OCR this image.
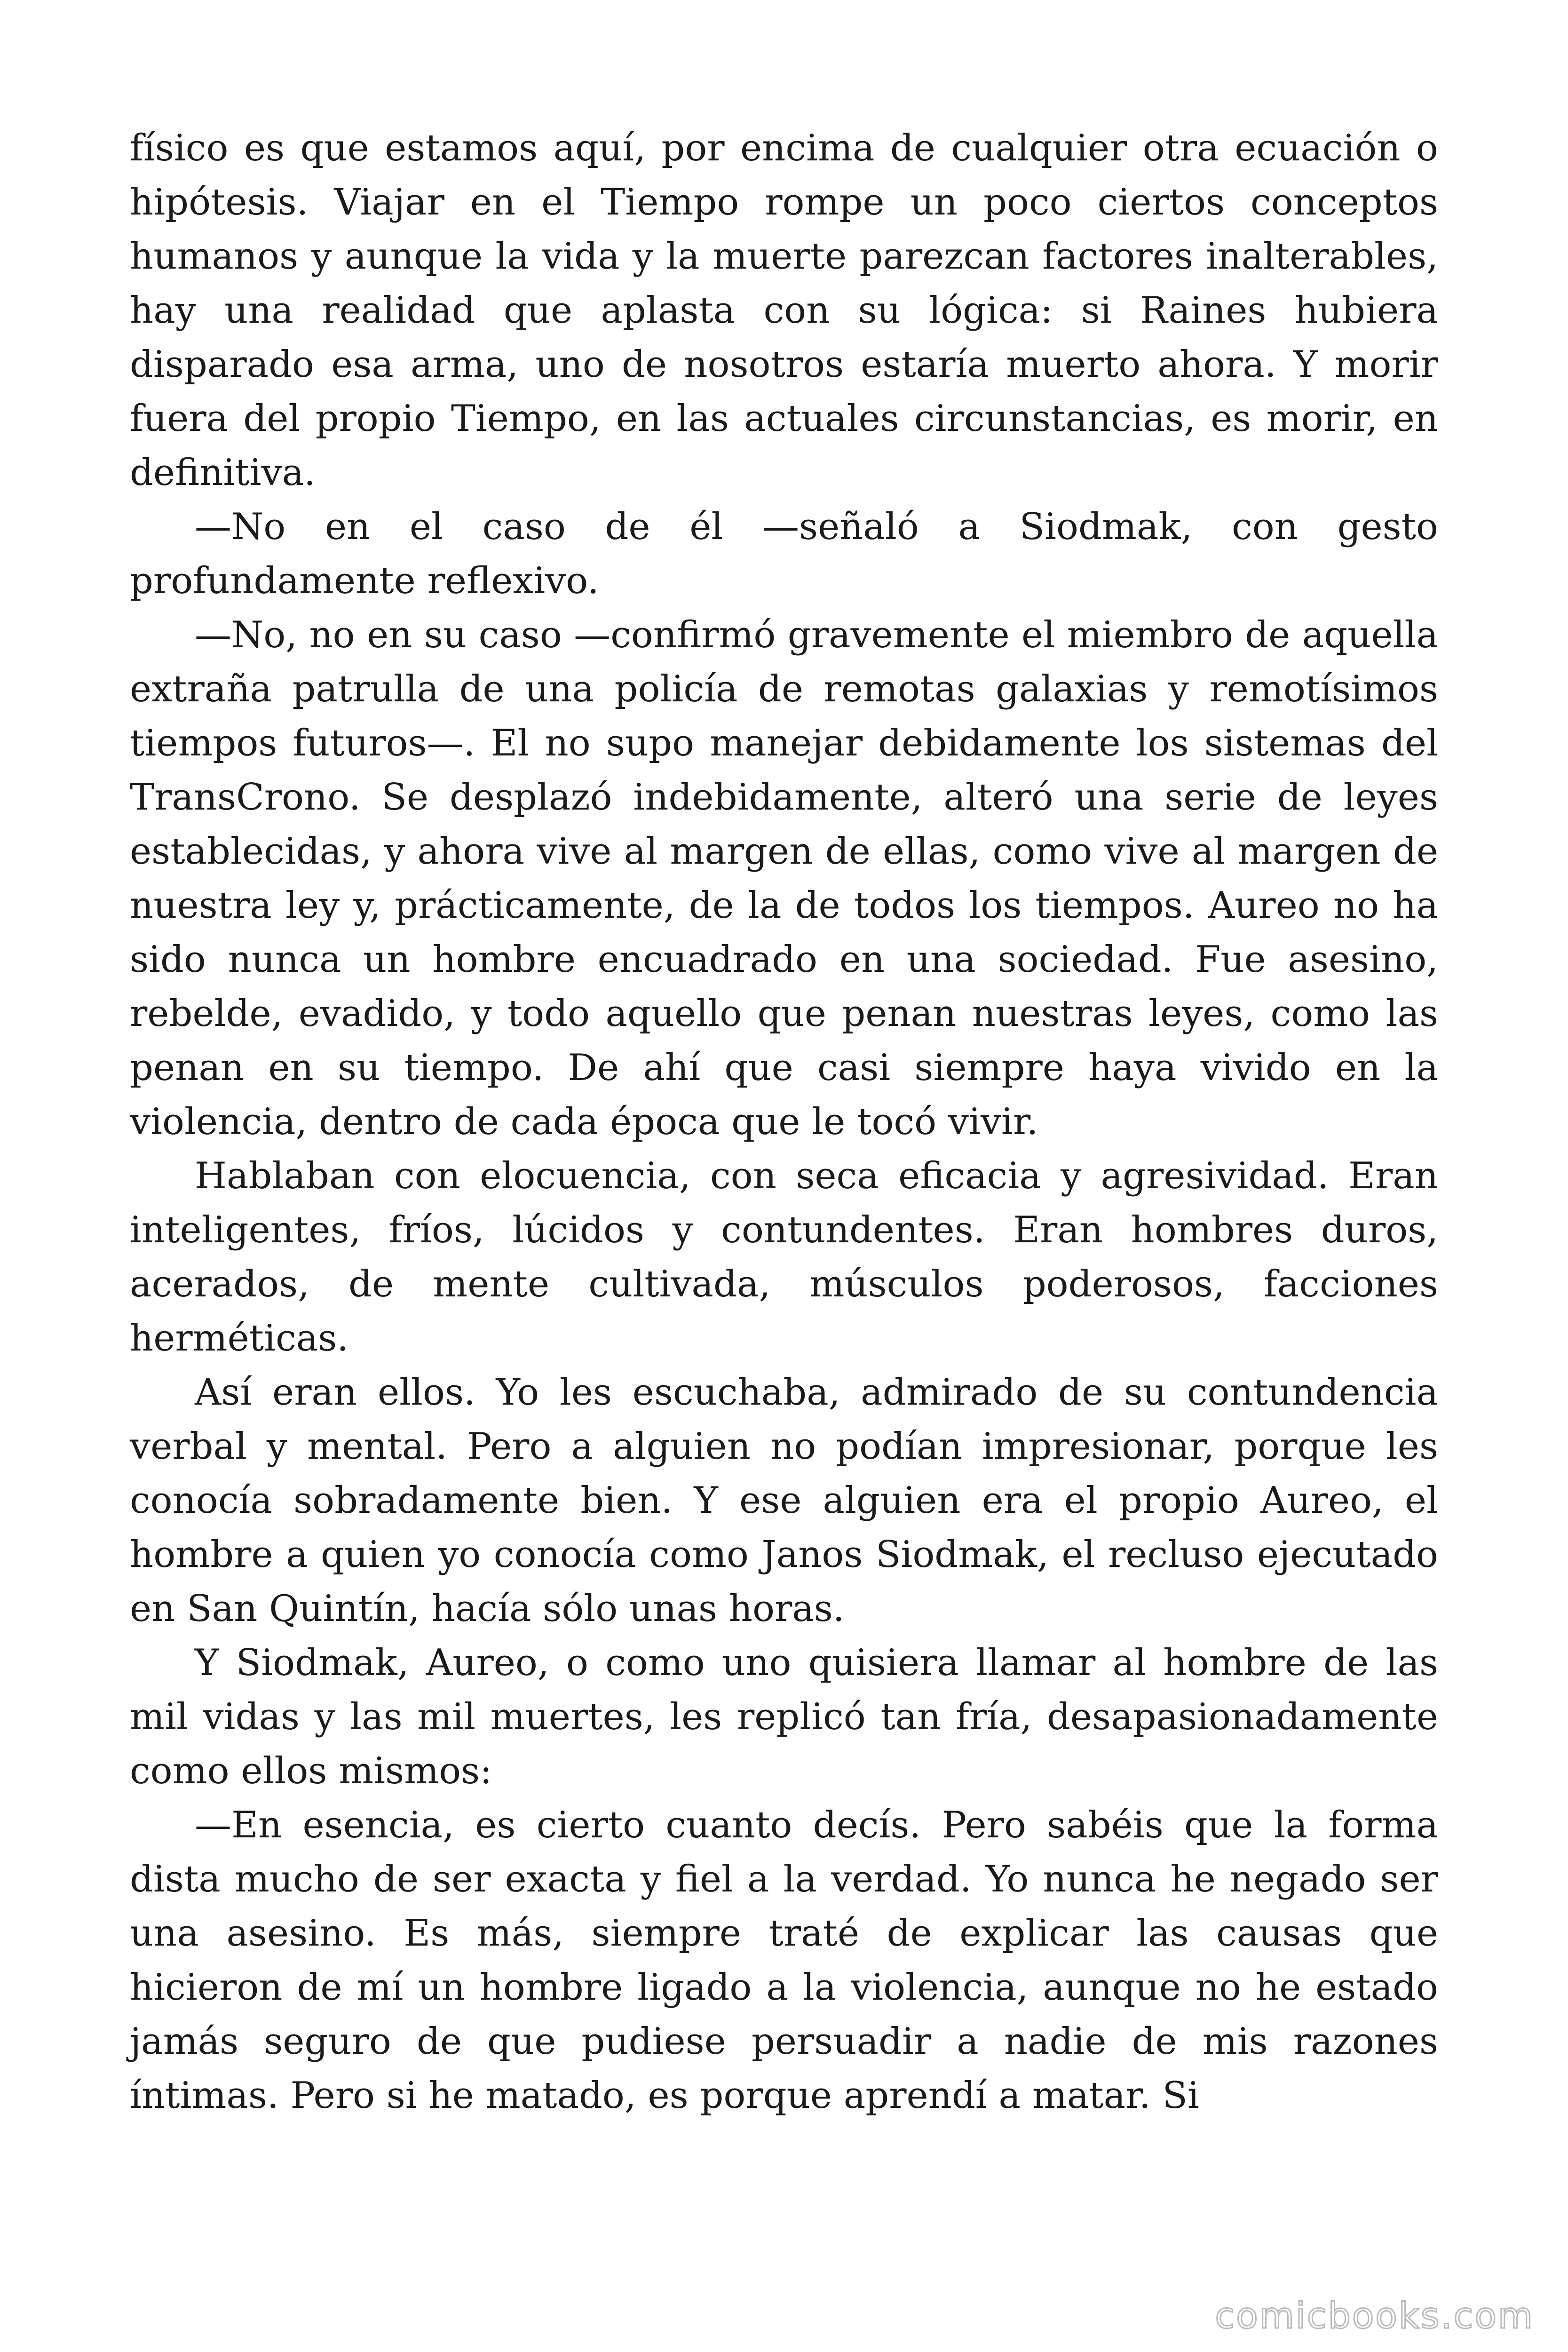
físico es que estamos aquí, por encima de cualquier otra ecuación o hipótesis. Viajar en el Tiempo rompe un poco ciertos conceptos humanos y aunque la vida y la muerte parezcan factores inalterables, hay una realidad que aplasta con su lógica: si Raines hubiera disparado esa arma, uno de nosotros estaría muerto ahora. Y morir fuera del propio Tiempo, en las actuales circunstancias, es morir, en definitiva.

—No en el caso de él —señaló a Siodmak, con gesto profundamente reflexivo.

—No, no en su caso —confirmó gravemente el miembro de aquella extraña patrulla de una policía de remotas galaxias y remotísimos tiempos futuros—. El no supo manejar debidamente los sistemas del TransCrono. Se desplazó indebidamente, alteró una serie de leyes establecidas, y ahora vive al margen de ellas, como vive al margen de nuestra ley y, prácticamente, de la de todos los tiempos. Aureo no ha sido nunca un hombre encuadrado en una sociedad. Fue asesino, rebelde, evadido, y todo aquello que penan nuestras leyes, como las penan en su tiempo. De ahí que casi siempre haya vivido en la violencia, dentro de cada época que le tocó vivir.

Hablaban con elocuencia, con seca eficacia y agresividad. Eran inteligentes, fríos, lúcidos y contundentes. Eran hombres duros, acerados, de mente cultivada, músculos poderosos, facciones herméticas.

Así eran ellos. Yo les escuchaba, admirado de su contundencia verbal y mental. Pero a alguien no podían impresionar, porque les conocía sobradamente bien. Y ese alguien era el propio Aureo, el hombre a quien yo conocía como Janos Siodmak, el recluso ejecutado en San Quintín, hacía sólo unas horas.

Y Siodmak, Aureo, o como uno quisiera llamar al hombre de las mil vidas y las mil muertes, les replicó tan fría, desapasionadamente como ellos mismos:

—En esencia, es cierto cuanto decís. Pero sabéis que la forma dista mucho de ser exacta y fiel a la verdad. Yo nunca he negado ser una asesino. Es más, siempre traté de explicar las causas que hicieron de mí un hombre ligado a la violencia, aunque no he estado jamás seguro de que pudiese persuadir a nadie de mis razones íntimas. Pero si he matado, es porque aprendí a matar. Si

comicbooks.com
